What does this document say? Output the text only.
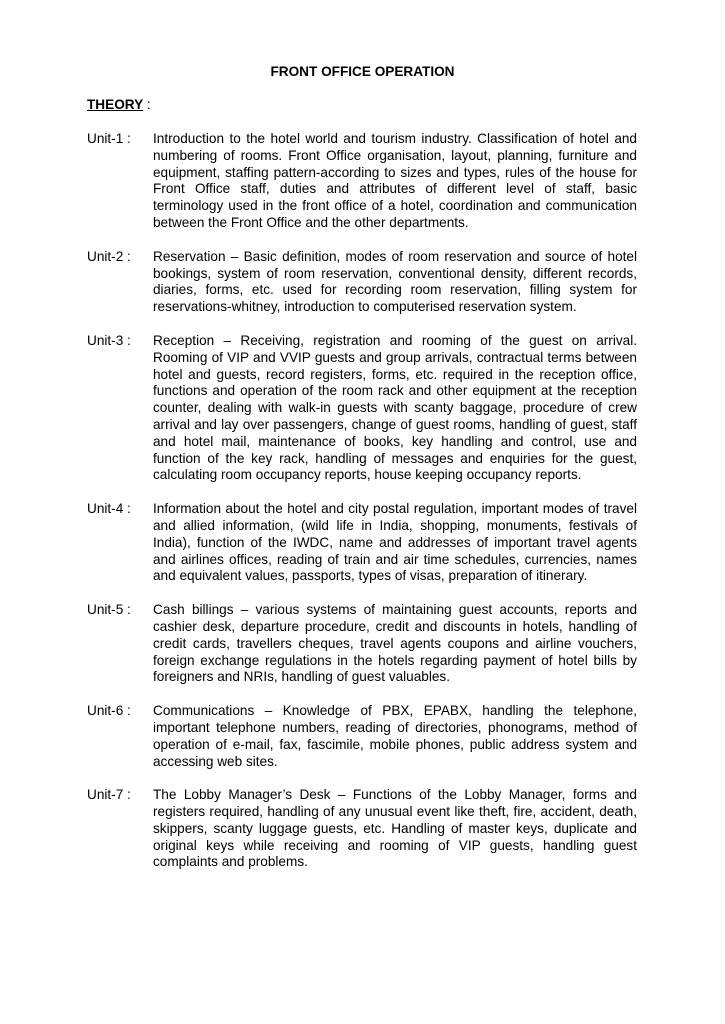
FRONT OFFICE OPERATION
THEORY :
Unit-1 :	Introduction to the hotel world and tourism industry. Classification of hotel and numbering of rooms. Front Office organisation, layout, planning, furniture and equipment, staffing pattern-according to sizes and types, rules of the house for Front Office staff, duties and attributes of different level of staff, basic terminology used in the front office of a hotel, coordination and communication between the Front Office and the other departments.
Unit-2 :	Reservation – Basic definition, modes of room reservation and source of hotel bookings, system of room reservation, conventional density, different records, diaries, forms, etc. used for recording room reservation, filling system for reservations-whitney, introduction to computerised reservation system.
Unit-3 :	Reception – Receiving, registration and rooming of the guest on arrival. Rooming of VIP and VVIP guests and group arrivals, contractual terms between hotel and guests, record registers, forms, etc. required in the reception office, functions and operation of the room rack and other equipment at the reception counter, dealing with walk-in guests with scanty baggage, procedure of crew arrival and lay over passengers, change of guest rooms, handling of guest, staff and hotel mail, maintenance of books, key handling and control, use and function of the key rack, handling of messages and enquiries for the guest, calculating room occupancy reports, house keeping occupancy reports.
Unit-4 :	Information about the hotel and city postal regulation, important modes of travel and allied information, (wild life in India, shopping, monuments, festivals of India), function of the IWDC, name and addresses of important travel agents and airlines offices, reading of train and air time schedules, currencies, names and equivalent values, passports, types of visas, preparation of itinerary.
Unit-5 :	Cash billings – various systems of maintaining guest accounts, reports and cashier desk, departure procedure, credit and discounts in hotels, handling of credit cards, travellers cheques, travel agents coupons and airline vouchers, foreign exchange regulations in the hotels regarding payment of hotel bills by foreigners and NRIs, handling of guest valuables.
Unit-6 :	Communications – Knowledge of PBX, EPABX, handling the telephone, important telephone numbers, reading of directories, phonograms, method of operation of e-mail, fax, fascimile, mobile phones, public address system and accessing web sites.
Unit-7 :	The Lobby Manager’s Desk – Functions of the Lobby Manager, forms and registers required, handling of any unusual event like theft, fire, accident, death, skippers, scanty luggage guests, etc. Handling of master keys, duplicate and original keys while receiving and rooming of VIP guests, handling guest complaints and problems.
